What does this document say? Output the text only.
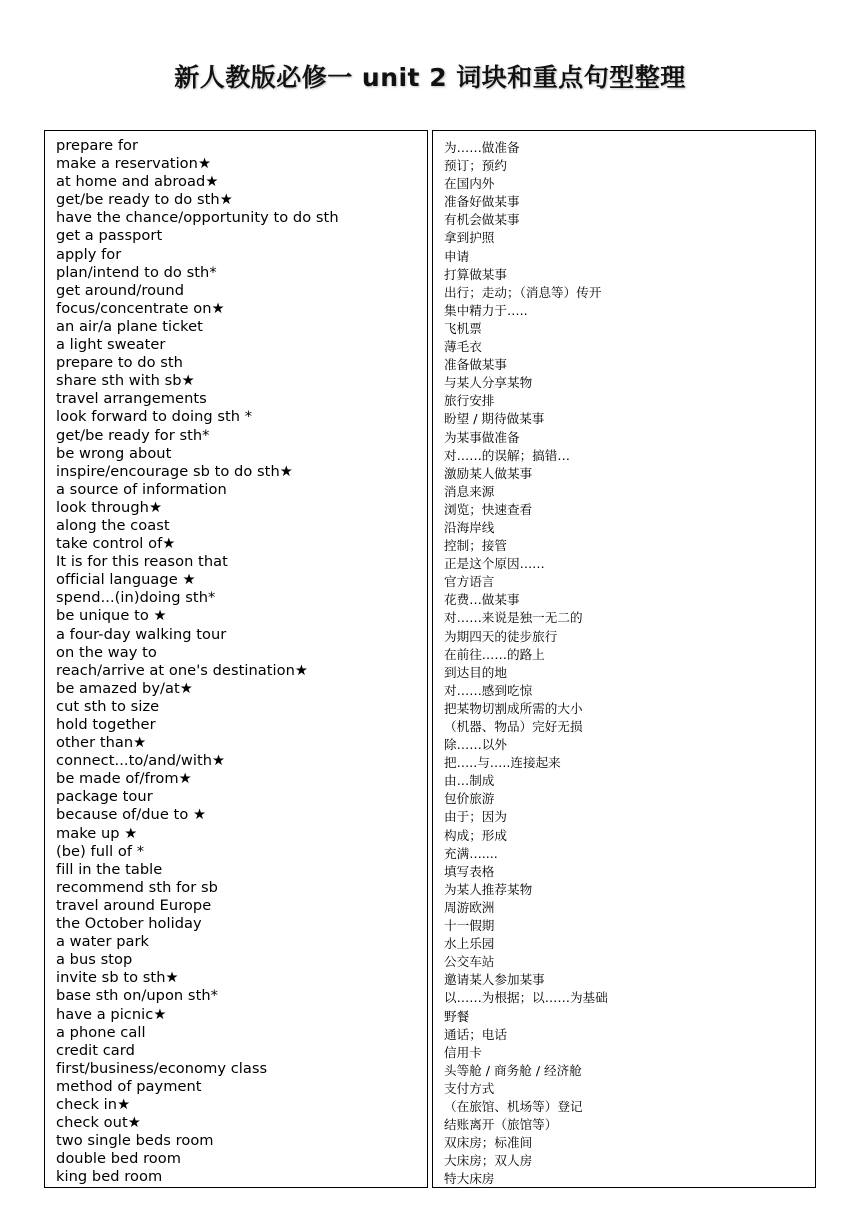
新人教版必修一 unit 2 词块和重点句型整理
prepare for
make a reservation★
at home and abroad★
get/be ready to do sth★
have the chance/opportunity to do sth
get a passport
apply for
plan/intend to do sth*
get around/round
focus/concentrate on★
an air/a plane ticket
a light sweater
prepare to do sth
share sth with sb★
travel arrangements
look forward to doing sth *
get/be ready for sth*
be wrong about
inspire/encourage sb to do sth★
a source of information
look through★
along the coast
take control of★
It is for this reason that
official language ★
spend...(in)doing sth*
be unique to ★
a four-day walking tour
on the way to
reach/arrive at one's destination★
be amazed by/at★
cut sth to size
hold together
other than★
connect...to/and/with★
be made of/from★
package tour
because of/due to ★
make up ★
(be) full of *
fill in the table
recommend sth for sb
travel around Europe
the October holiday
a water park
a bus stop
invite sb to sth★
base sth on/upon sth*
have a picnic★
a phone call
credit card
first/business/economy class
method of payment
check in★
check out★
two single beds room
double bed room
king bed room
为……做准备
预订；预约
在国内外
准备好做某事
有机会做某事
拿到护照
申请
打算做某事
出行；走动；（消息等）传开
集中精力于…..
飞机票
薄毛衣
准备做某事
与某人分享某物
旅行安排
盼望 / 期待做某事
为某事做准备
对……的误解；搞错…
激励某人做某事
消息来源
浏览；快速查看
沿海岸线
控制；接管
正是这个原因……
官方语言
花费…做某事
对……来说是独一无二的
为期四天的徒步旅行
在前往……的路上
到达目的地
对……感到吃惊
把某物切割成所需的大小
（机器、物品）完好无损
除……以外
把…..与…..连接起来
由…制成
包价旅游
由于；因为
构成；形成
充满…....
填写表格
为某人推荐某物
周游欧洲
十一假期
水上乐园
公交车站
邀请某人参加某事
以……为根据；以……为基础
野餐
通话；电话
信用卡
头等舱 / 商务舱 / 经济舱
支付方式
（在旅馆、机场等）登记
结账离开（旅馆等）
双床房；标准间
大床房；双人房
特大床房
